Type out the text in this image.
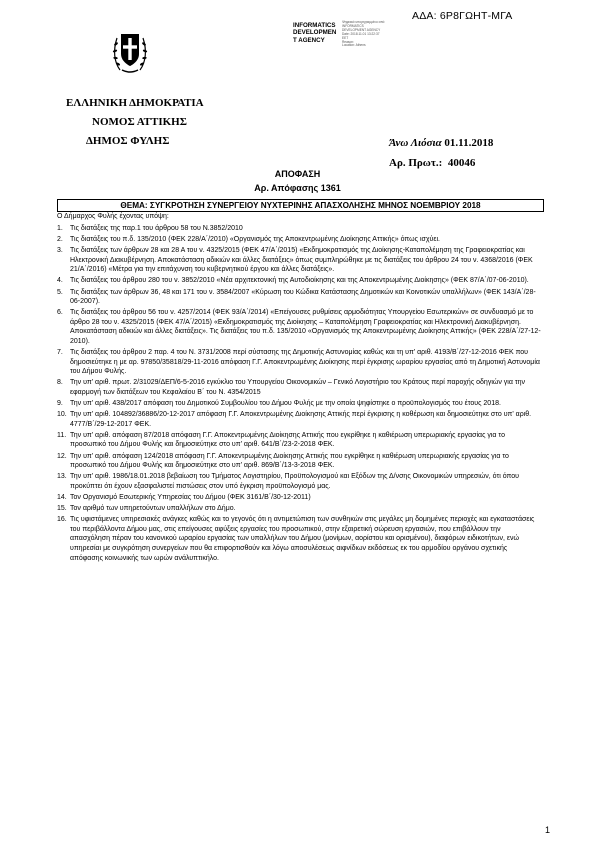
ΑΔΑ: 6Ρ8ΓΩΗΤ-ΜΓΑ
INFORMATICS
DEVELOPMEN
T AGENCY
Ψηφιακά υπογεγραμμένο από
INFORMATICS
DEVELOPMENT AGENCY
Date: 2018.11.01 13:22:37
EET
Reason:
Location: Athens
ΕΛΛΗΝΙΚΗ ΔΗΜΟΚΡΑΤΙΑ
ΝΟΜΟΣ ΑΤΤΙΚΗΣ
ΔΗΜΟΣ ΦΥΛΗΣ	Άνω Λιόσια 01.11.2018
Αρ. Πρωτ.: 40046
ΑΠΟΦΑΣΗ
Αρ. Απόφασης 1361
ΘΕΜΑ: ΣΥΓΚΡΟΤΗΣΗ ΣΥΝΕΡΓΕΙΟΥ ΝΥΧΤΕΡΙΝΗΣ ΑΠΑΣΧΟΛΗΣΗΣ ΜΗΝΟΣ ΝΟΕΜΒΡΙΟΥ 2018
Ο Δήμαρχος Φυλής έχοντας υπόψη:
1. Τις διατάξεις της παρ.1 του άρθρου 58 του Ν.3852/2010
2. Τις διατάξεις του π.δ. 135/2010 (ΦΕΚ 228/Α΄/2010) «Οργανισμός της Αποκεντρωμένης Διοίκησης Αττικής» όπως ισχύει.
3. Τις διατάξεις των άρθρων 28 και 28 Α του ν. 4325/2015 (ΦΕΚ 47/Α΄/2015) «Εκδημοκρατισμός της Διοίκησης-Καταπολέμηση της Γραφειοκρατίας και Ηλεκτρονική Διακυβέρνηση. Αποκατάσταση αδικιών και άλλες διατάξεις» όπως συμπληρώθηκε με τις διατάξεις του άρθρου 24 του ν. 4368/2016 (ΦΕΚ 21/Α΄/2016) «Μέτρα για την επιτάχυνση του κυβερνητικού έργου και άλλες διατάξεις».
4. Τις διατάξεις του άρθρου 280 του ν. 3852/2010 «Νέα αρχιτεκτονική της Αυτοδιοίκησης και της Αποκεντρωμένης Διοίκησης» (ΦΕΚ 87/Α΄/07-06-2010).
5. Τις διατάξεις των άρθρων 36, 48 και 171 του ν. 3584/2007 «Κύρωση του Κώδικα Κατάστασης Δημοτικών και Κοινοτικών υπαλλήλων» (ΦΕΚ 143/Α΄/28-06-2007).
6. Τις διατάξεις του άρθρου 56 του ν. 4257/2014 (ΦΕΚ 93/Α΄/2014) «Επείγουσες ρυθμίσεις αρμοδιότητας Υπουργείου Εσωτερικών» σε συνδυασμό με το άρθρο 28 του ν. 4325/2015 (ΦΕΚ 47/Α΄/2015) «Εκδημοκρατισμός της Διοίκησης – Καταπολέμηση Γραφειοκρατίας και Ηλεκτρονική Διακυβέρνηση. Αποκατάσταση αδικιών και άλλες διατάξεις». Τις διατάξεις του π.δ. 135/2010 «Οργανισμός της Αποκεντρωμένης Διοίκησης Αττικής» (ΦΕΚ 228/Α΄/27-12-2010).
7. Τις διατάξεις του άρθρου 2 παρ. 4 του Ν. 3731/2008 περί σύστασης της Δημοτικής Αστυνομίας καθώς και τη υπ' αριθ. 4193/Β΄/27-12-2016 ΦΕΚ που δημοσιεύτηκε η με αρ. 97850/35818/29-11-2016 απόφαση Γ.Γ. Αποκεντρωμένης Διοίκησης περί έγκρισης ωραρίου εργασίας από τη Δημοτική Αστυνομία του Δήμου Φυλής.
8. Την υπ' αριθ. πρωτ. 2/31029/ΔΕΠ/6-5-2016 εγκύκλιο του Υπουργείου Οικονομικών – Γενικό Λογιστήριο του Κράτους περί παροχής οδηγιών για την εφαρμογή των διατάξεων του Κεφαλαίου Β΄ του Ν. 4354/2015
9. Την υπ' αριθ. 438/2017 απόφαση του Δημοτικού Συμβουλίου του Δήμου Φυλής με την οποία ψηφίστηκε ο προϋπολογισμός του έτους 2018.
10. Την υπ' αριθ. 104892/36886/20-12-2017 απόφαση Γ.Γ. Αποκεντρωμένης Διοίκησης Αττικής περί έγκρισης η κοθέρωση και δημοσιεύτηκε στο υπ' αριθ. 4777/Β΄/29-12-2017 ΦΕΚ.
11. Την υπ' αριθ. απόφαση 87/2018 απόφαση Γ.Γ. Αποκεντρωμένης Διοίκησης Αττικής που εγκρίθηκε η καθιέρωση υπερωριακής εργασίας για το προσωπικό του Δήμου Φυλής και δημοσιεύτηκε στο υπ' αριθ. 641/Β΄/23-2-2018 ΦΕΚ.
12. Την υπ' αριθ. απόφαση 124/2018 απόφαση Γ.Γ. Αποκεντρωμένης Διοίκησης Αττικής που εγκρίθηκε η καθιέρωση υπερωριακής εργασίας για το προσωπικό του Δήμου Φυλής και δημοσιεύτηκε στο υπ' αριθ. 869/Β΄/13-3-2018 ΦΕΚ.
13. Την υπ' αριθ. 1986/18.01.2018 βεβαίωση του Τμήματος Λογιστηρίου, Προϋπολογισμού και Εξόδων της Δ/νσης Οικονομικών υπηρεσιών, ότι όπου προκύπτει ότι έχουν εξασφαλιστεί πιστώσεις στον υπό έγκριση προϋπολογισμό μας.
14. Τον Οργανισμό Εσωτερικής Υπηρεσίας του Δήμου (ΦΕΚ 3161/Β΄/30-12-2011)
15. Τον αριθμό των υπηρετούντων υπαλλήλων στο Δήμο.
16. Τις υφιστάμενες υπηρεσιακές ανάγκες καθώς και το γεγονός ότι η αντιμετώπιση των συνθηκών στις μεγάλες μη δομημένες περιοχές και εγκαταστάσεις του περιβάλλοντα Δήμου μας, στις επείγουσες αφύξεις εργασίες του προσωπικού, στην εξαιρετική σώρευση εργασιών, που επιβάλλουν την απασχόληση πέραν του κανονικού ωραρίου εργασίας των υπαλλήλων του Δήμου (μονίμων, αορίστου και ορισμένου), διαφόρων ειδικοτήτων, ενώ υπηρεσίαι με συγκρότηση συνεργείων που θα επιφορτισθούν και λόγω αποσυλέσεως αιφνίδιων εκδόσεως εκ του αρμοδίου οργάνου σχετικής απόφασης κοινωνικής των ωρών ανάλυπτικήλο.
1
